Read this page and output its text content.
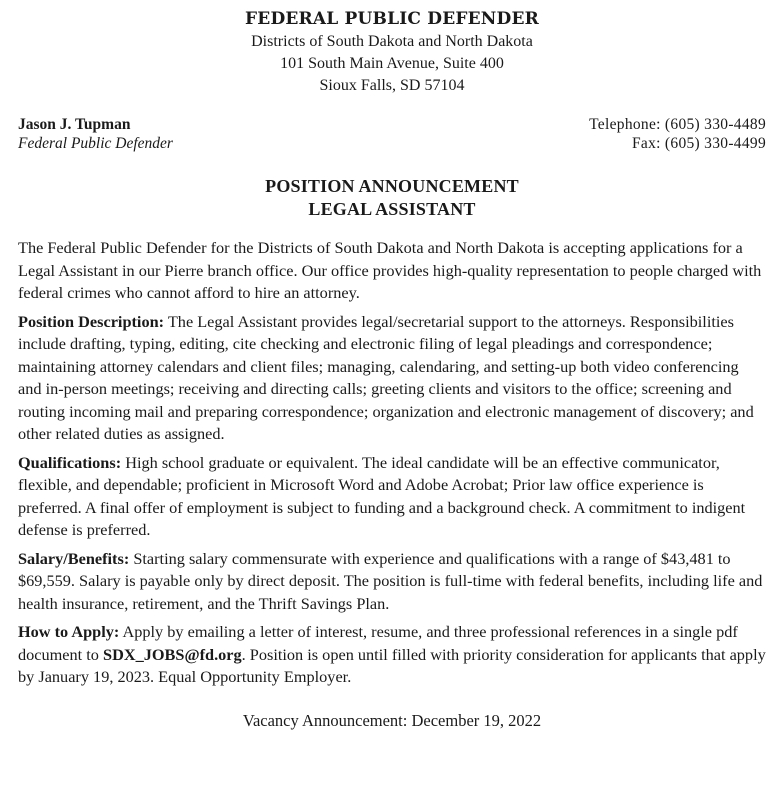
FEDERAL PUBLIC DEFENDER
Districts of South Dakota and North Dakota
101 South Main Avenue, Suite 400
Sioux Falls, SD 57104
Jason J. Tupman
Federal Public Defender
Telephone: (605) 330-4489
Fax: (605) 330-4499
POSITION ANNOUNCEMENT
LEGAL ASSISTANT

The Federal Public Defender for the Districts of South Dakota and North Dakota is accepting applications for a Legal Assistant in our Pierre branch office. Our office provides high-quality representation to people charged with federal crimes who cannot afford to hire an attorney.

Position Description: The Legal Assistant provides legal/secretarial support to the attorneys. Responsibilities include drafting, typing, editing, cite checking and electronic filing of legal pleadings and correspondence; maintaining attorney calendars and client files; managing, calendaring, and setting-up both video conferencing and in-person meetings; receiving and directing calls; greeting clients and visitors to the office; screening and routing incoming mail and preparing correspondence; organization and electronic management of discovery; and other related duties as assigned.

Qualifications: High school graduate or equivalent. The ideal candidate will be an effective communicator, flexible, and dependable; proficient in Microsoft Word and Adobe Acrobat; Prior law office experience is preferred. A final offer of employment is subject to funding and a background check. A commitment to indigent defense is preferred.

Salary/Benefits: Starting salary commensurate with experience and qualifications with a range of $43,481 to $69,559. Salary is payable only by direct deposit. The position is full-time with federal benefits, including life and health insurance, retirement, and the Thrift Savings Plan.

How to Apply: Apply by emailing a letter of interest, resume, and three professional references in a single pdf document to SDX_JOBS@fd.org. Position is open until filled with priority consideration for applicants that apply by January 19, 2023. Equal Opportunity Employer.

Vacancy Announcement: December 19, 2022
